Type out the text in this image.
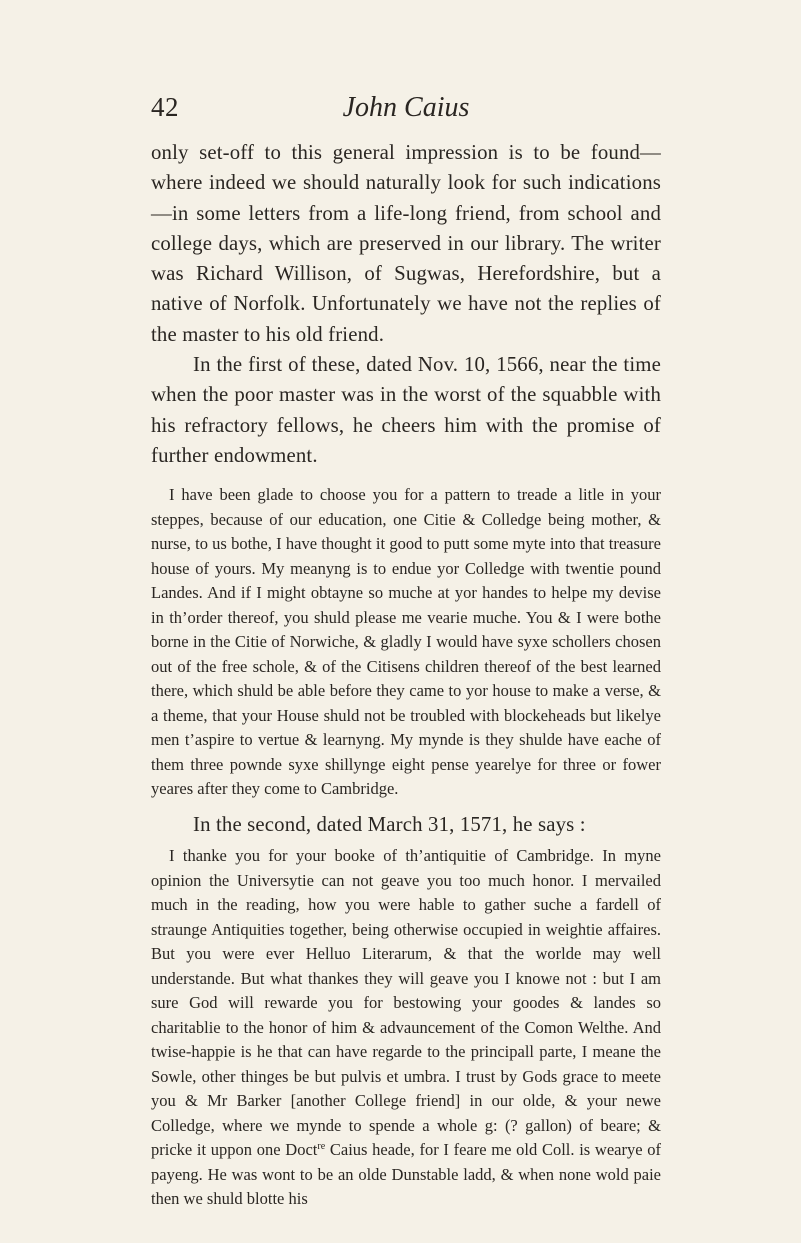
42	John Caius

only set-off to this general impression is to be found—where indeed we should naturally look for such indications—in some letters from a life-long friend, from school and college days, which are preserved in our library. The writer was Richard Willison, of Sugwas, Herefordshire, but a native of Norfolk. Unfortunately we have not the replies of the master to his old friend.

In the first of these, dated Nov. 10, 1566, near the time when the poor master was in the worst of the squabble with his refractory fellows, he cheers him with the promise of further endowment.

I have been glade to choose you for a pattern to treade a litle in your steppes, because of our education, one Citie & Colledge being mother, & nurse, to us bothe, I have thought it good to putt some myte into that treasure house of yours. My meanyng is to endue yor Colledge with twentie pound Landes. And if I might obtayne so muche at yor handes to helpe my devise in th’order thereof, you shuld please me vearie muche. You & I were bothe borne in the Citie of Norwiche, & gladly I would have syxe schollers chosen out of the free schole, & of the Citisens children thereof of the best learned there, which shuld be able before they came to yor house to make a verse, & a theme, that your House shuld not be troubled with blockeheads but likelye men t’aspire to vertue & learnyng. My mynde is they shulde have eache of them three pownde syxe shillynge eight pense yearelye for three or fower yeares after they come to Cambridge.

In the second, dated March 31, 1571, he says :

I thanke you for your booke of th’antiquitie of Cambridge. In myne opinion the Universytie can not geave you too much honor. I mervailed much in the reading, how you were hable to gather suche a fardell of straunge Antiquities together, being otherwise occupied in weightie affaires. But you were ever Helluo Literarum, & that the worlde may well understande. But what thankes they will geave you I knowe not : but I am sure God will rewarde you for bestowing your goodes & landes so charitablie to the honor of him & advauncement of the Comon Welthe. And twise-happie is he that can have regarde to the principall parte, I meane the Sowle, other thinges be but pulvis et umbra. I trust by Gods grace to meete you & Mr Barker [another College friend] in our olde, & your newe Colledge, where we mynde to spende a whole g: (? gallon) of beare; & pricke it uppon one Doct$^{re}$ Caius heade, for I feare me old Coll. is wearye of payeng. He was wont to be an olde Dunstable ladd, & when none wold paie then we shuld blotte his
